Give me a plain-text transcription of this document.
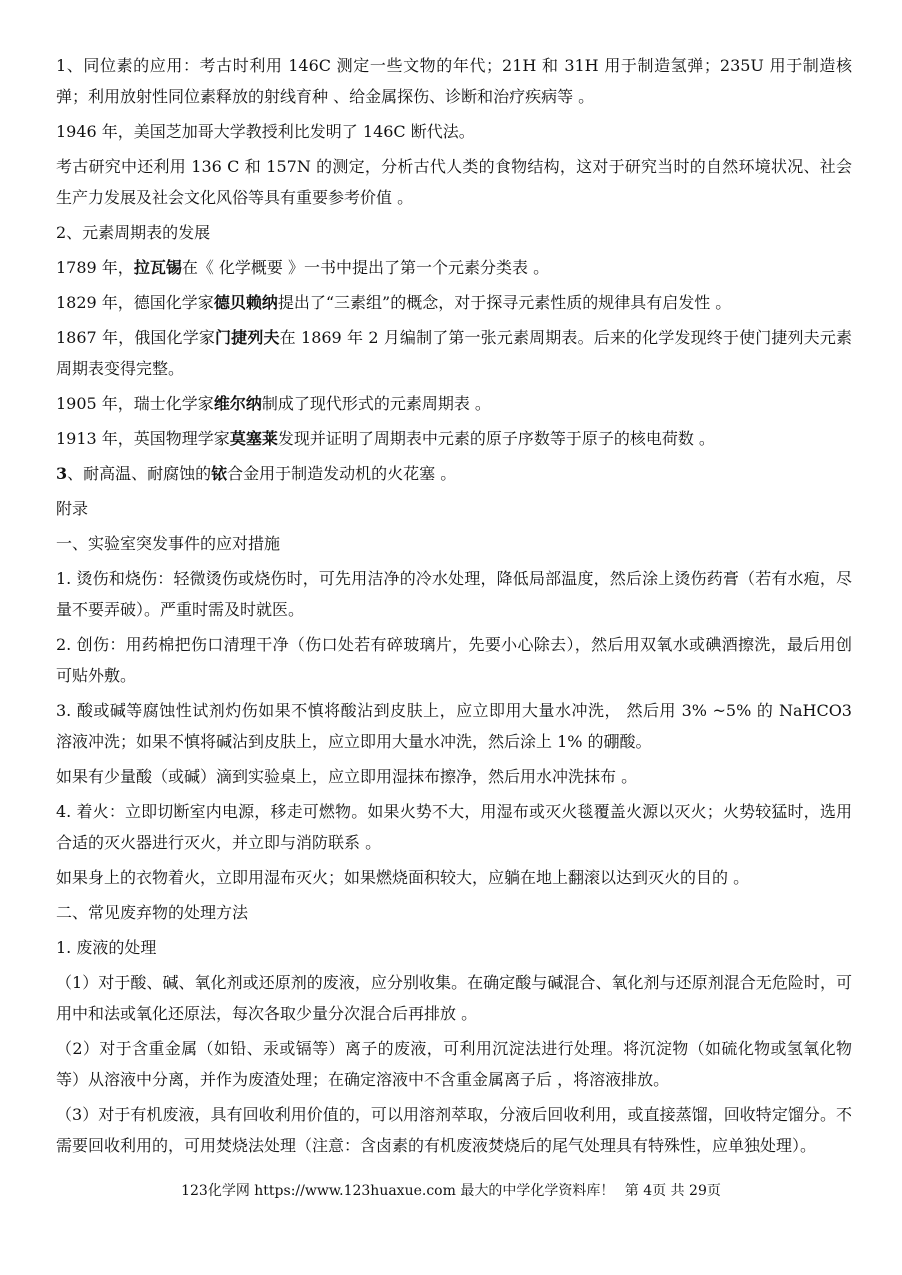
1、同位素的应用：考古时利用 146C 测定一些文物的年代；21H 和 31H 用于制造氢弹；235U 用于制造核弹；利用放射性同位素释放的射线育种 、给金属探伤、诊断和治疗疾病等 。

1946 年，美国芝加哥大学教授利比发明了 146C 断代法。

考古研究中还利用 136 C 和 157N 的测定，分析古代人类的食物结构，这对于研究当时的自然环境状况、社会生产力发展及社会文化风俗等具有重要参考价值 。

2、元素周期表的发展

1789 年，拉瓦锡在《 化学概要 》一书中提出了第一个元素分类表 。

1829 年，德国化学家德贝赖纳提出了“三素组”的概念，对于探寻元素性质的规律具有启发性 。

1867 年，俄国化学家门捷列夫在 1869 年 2 月编制了第一张元素周期表。后来的化学发现终于使门捷列夫元素周期表变得完整。

1905 年，瑞士化学家维尔纳制成了现代形式的元素周期表 。

1913 年，英国物理学家莫塞莱发现并证明了周期表中元素的原子序数等于原子的核电荷数 。

3、耐高温、耐腐蚀的铱合金用于制造发动机的火花塞 。

附录

一、实验室突发事件的应对措施

1. 烫伤和烧伤：轻微烫伤或烧伤时，可先用洁净的冷水处理，降低局部温度，然后涂上烫伤药膏（若有水疱，尽量不要弄破）。严重时需及时就医。

2. 创伤：用药棉把伤口清理干净（伤口处若有碎玻璃片，先要小心除去），然后用双氧水或碘酒擦洗，最后用创可贴外敷。

3. 酸或碱等腐蚀性试剂灼伤如果不慎将酸沾到皮肤上，应立即用大量水冲洗， 然后用 3% ~5% 的 NaHCO3 溶液冲洗；如果不慎将碱沾到皮肤上，应立即用大量水冲洗，然后涂上 1% 的硼酸。

如果有少量酸（或碱）滴到实验桌上，应立即用湿抹布擦净，然后用水冲洗抹布 。

4. 着火：立即切断室内电源，移走可燃物。如果火势不大，用湿布或灭火毯覆盖火源以灭火；火势较猛时，选用合适的灭火器进行灭火，并立即与消防联系 。

如果身上的衣物着火，立即用湿布灭火；如果燃烧面积较大，应躺在地上翻滚以达到灭火的目的 。

二、常见废弃物的处理方法

1. 废液的处理

（1）对于酸、碱、氧化剂或还原剂的废液，应分别收集。在确定酸与碱混合、氧化剂与还原剂混合无危险时，可用中和法或氧化还原法，每次各取少量分次混合后再排放 。

（2）对于含重金属（如铅、汞或镉等）离子的废液，可利用沉淀法进行处理。将沉淀物（如硫化物或氢氧化物等）从溶液中分离，并作为废渣处理；在确定溶液中不含重金属离子后 ，将溶液排放。

（3）对于有机废液，具有回收利用价值的，可以用溶剂萃取，分液后回收利用，或直接蒸馏，回收特定馏分。不需要回收利用的，可用焚烧法处理（注意：含卤素的有机废液焚烧后的尾气处理具有特殊性，应单独处理）。

123化学网 https://www.123huaxue.com 最大的中学化学资料库！ 第 4页 共 29页
